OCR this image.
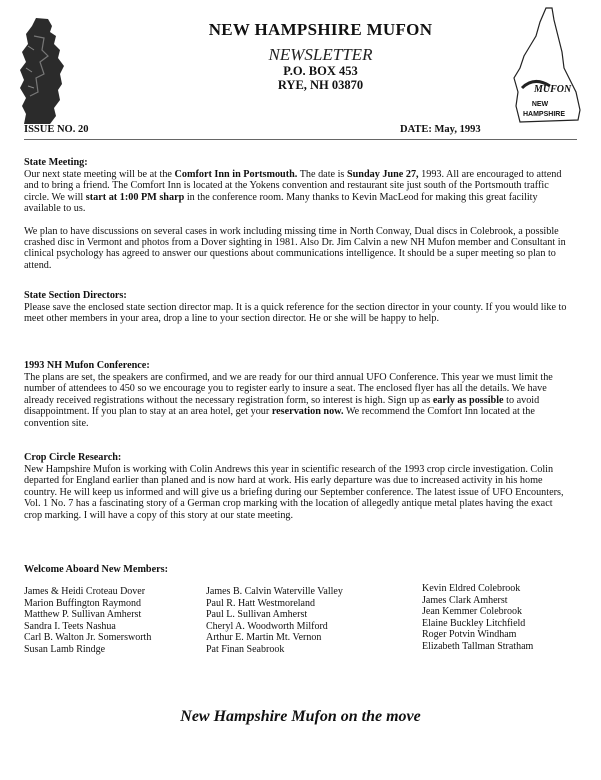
NEW HAMPSHIRE MUFON
NEWSLETTER
P.O. BOX 453
RYE, NH 03870	MUFON
NEW
HAMPSHIRE
ISSUE NO. 20	DATE: May, 1993
State Meeting:

Our next state meeting will be at the Comfort Inn in Portsmouth. The date is Sunday June 27, 1993. All are encouraged to attend and to bring a friend. The Comfort Inn is located at the Yokens convention and restaurant site just south of the Portsmouth traffic circle. We will start at 1:00 PM sharp in the conference room. Many thanks to Kevin MacLeod for making this great facility available to us.

We plan to have discussions on several cases in work including missing time in North Conway, Dual discs in Colebrook, a possible crashed disc in Vermont and photos from a Dover sighting in 1981. Also Dr. Jim Calvin a new NH Mufon member and Consultant in clinical psychology has agreed to answer our questions about communications intelligence. It should be a super meeting so plan to attend.

State Section Directors:

Please save the enclosed state section director map. It is a quick reference for the section director in your county. If you would like to meet other members in your area, drop a line to your section director. He or she will be happy to help.

1993 NH Mufon Conference:

The plans are set, the speakers are confirmed, and we are ready for our third annual UFO Conference. This year we must limit the number of attendees to 450 so we encourage you to register early to insure a seat. The enclosed flyer has all the details. We have already received registrations without the necessary registration form, so interest is high. Sign up as early as possible to avoid disappointment. If you plan to stay at an area hotel, get your reservation now. We recommend the Comfort Inn located at the convention site.

Crop Circle Research:

New Hampshire Mufon is working with Colin Andrews this year in scientific research of the 1993 crop circle investigation. Colin departed for England earlier than planed and is now hard at work. His early departure was due to increased activity in his home country. He will keep us informed and will give us a briefing during our September conference. The latest issue of UFO Encounters, Vol. 1 No. 7 has a fascinating story of a German crop marking with the location of allegedly antique metal plates having the exact crop marking. I will have a copy of this story at our state meeting.

Welcome Aboard New Members:
James & Heidi Croteau Dover
Marion Buffington Raymond
Matthew P. Sullivan Amherst
Sandra I. Teets Nashua
Carl B. Walton Jr. Somersworth
Susan Lamb Rindge
James B. Calvin Waterville Valley
Paul R. Hatt Westmoreland
Paul L. Sullivan Amherst
Cheryl A. Woodworth Milford
Arthur E. Martin Mt. Vernon
Pat Finan Seabrook
Kevin Eldred Colebrook
James Clark Amherst
Jean Kemmer Colebrook
Elaine Buckley Litchfield
Roger Potvin Windham
Elizabeth Tallman Stratham
New Hampshire Mufon on the move
